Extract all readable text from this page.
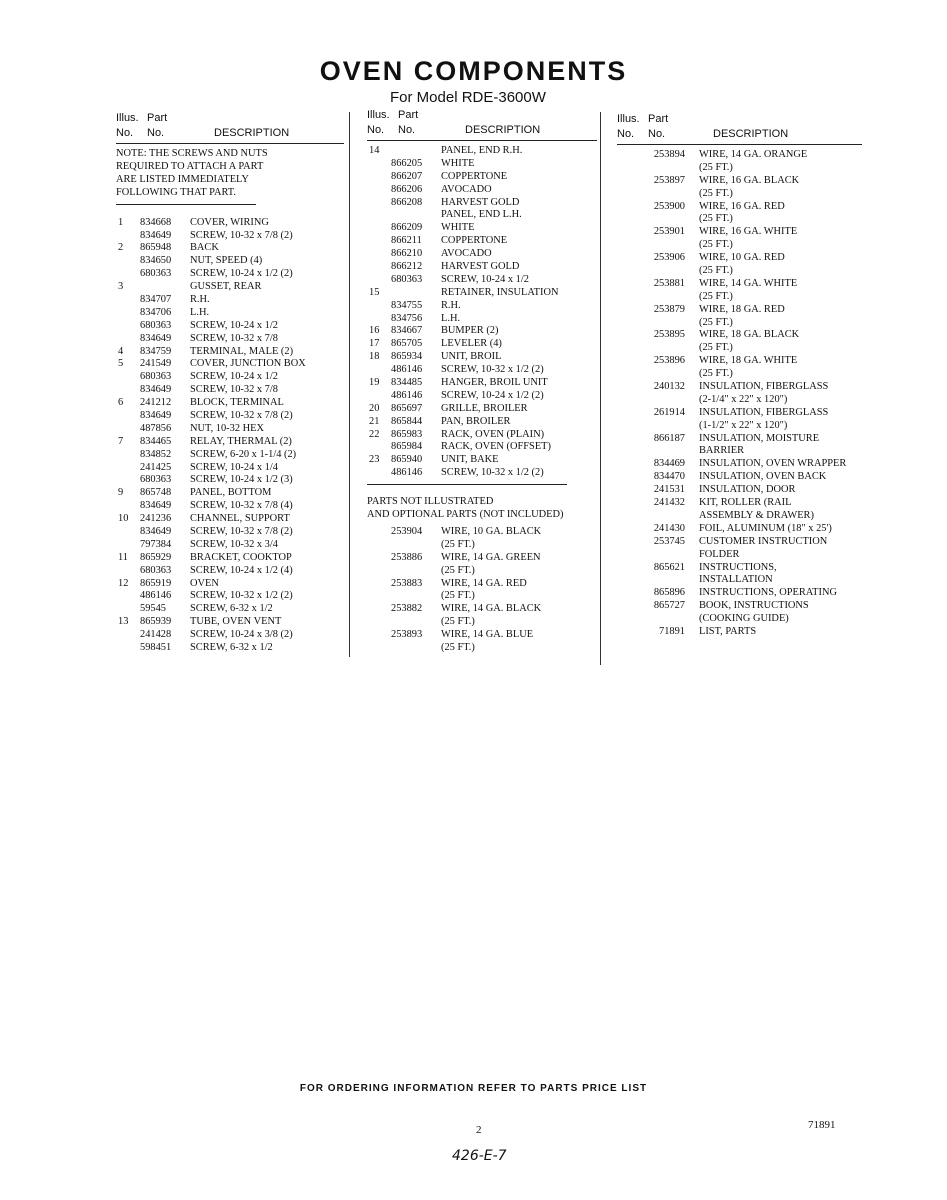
OVEN COMPONENTS
For Model RDE-3600W
Illus. Part
No. No.	DESCRIPTION
NOTE: THE SCREWS AND NUTS
REQUIRED TO ATTACH A PART
ARE LISTED IMMEDIATELY
FOLLOWING THAT PART.
1 834668 COVER, WIRING
834649 SCREW, 10-32 x 7/8 (2)
2 865948 BACK
834650 NUT, SPEED (4)
680363 SCREW, 10-24 x 1/2 (2)
3	GUSSET, REAR
834707 R.H.
834706 L.H.
680363 SCREW, 10-24 x 1/2
834649 SCREW, 10-32 x 7/8
4 834759 TERMINAL, MALE (2)
5 241549 COVER, JUNCTION BOX
680363 SCREW, 10-24 x 1/2
834649 SCREW, 10-32 x 7/8
6 241212 BLOCK, TERMINAL
834649 SCREW, 10-32 x 7/8 (2)
487856 NUT, 10-32 HEX
7 834465 RELAY, THERMAL (2)
834852 SCREW, 6-20 x 1-1/4 (2)
241425 SCREW, 10-24 x 1/4
680363 SCREW, 10-24 x 1/2 (3)
9 865748 PANEL, BOTTOM
834649 SCREW, 10-32 x 7/8 (4)
10 241236 CHANNEL, SUPPORT
834649 SCREW, 10-32 x 7/8 (2)
797384 SCREW, 10-32 x 3/4
11 865929 BRACKET, COOKTOP
680363 SCREW, 10-24 x 1/2 (4)
12 865919 OVEN
486146 SCREW, 10-32 x 1/2 (2)
59545 SCREW, 6-32 x 1/2
13 865939 TUBE, OVEN VENT
241428 SCREW, 10-24 x 3/8 (2)
598451 SCREW, 6-32 x 1/2
Illus. Part
No. No.	DESCRIPTION
14	PANEL, END R.H.
866205 WHITE
866207 COPPERTONE
866206 AVOCADO
866208 HARVEST GOLD
PANEL, END L.H.
866209 WHITE
866211 COPPERTONE
866210 AVOCADO
866212 HARVEST GOLD
680363 SCREW, 10-24 x 1/2
15	RETAINER, INSULATION
834755 R.H.
834756 L.H.
16 834667 BUMPER (2)
17 865705 LEVELER (4)
18 865934 UNIT, BROIL
486146 SCREW, 10-32 x 1/2 (2)
19 834485 HANGER, BROIL UNIT
486146 SCREW, 10-24 x 1/2 (2)
20 865697 GRILLE, BROILER
21 865844 PAN, BROILER
22 865983 RACK, OVEN (PLAIN)
865984 RACK, OVEN (OFFSET)
23 865940 UNIT, BAKE
486146 SCREW, 10-32 x 1/2 (2)
PARTS NOT ILLUSTRATED
AND OPTIONAL PARTS (NOT INCLUDED)
253904 WIRE, 10 GA. BLACK
(25 FT.)
253886 WIRE, 14 GA. GREEN
(25 FT.)
253883 WIRE, 14 GA. RED
(25 FT.)
253882 WIRE, 14 GA. BLACK
(25 FT.)
253893 WIRE, 14 GA. BLUE
(25 FT.)
Illus. Part
No. No.	DESCRIPTION
253894 WIRE, 14 GA. ORANGE
(25 FT.)
253897 WIRE, 16 GA. BLACK
(25 FT.)
253900 WIRE, 16 GA. RED
(25 FT.)
253901 WIRE, 16 GA. WHITE
(25 FT.)
253906 WIRE, 10 GA. RED
(25 FT.)
253881 WIRE, 14 GA. WHITE
(25 FT.)
253879 WIRE, 18 GA. RED
(25 FT.)
253895 WIRE, 18 GA. BLACK
(25 FT.)
253896 WIRE, 18 GA. WHITE
(25 FT.)
240132 INSULATION, FIBERGLASS
(2-1/4" x 22" x 120")
261914 INSULATION, FIBERGLASS
(1-1/2" x 22" x 120")
866187 INSULATION, MOISTURE
BARRIER
834469 INSULATION, OVEN WRAPPER
834470 INSULATION, OVEN BACK
241531 INSULATION, DOOR
241432 KIT, ROLLER (RAIL
ASSEMBLY & DRAWER)
241430 FOIL, ALUMINUM (18" x 25')
253745 CUSTOMER INSTRUCTION
FOLDER
865621 INSTRUCTIONS,
INSTALLATION
865896 INSTRUCTIONS, OPERATING
865727 BOOK, INSTRUCTIONS
(COOKING GUIDE)
71891 LIST, PARTS
FOR ORDERING INFORMATION REFER TO PARTS PRICE LIST
2	71891
426-E-7
